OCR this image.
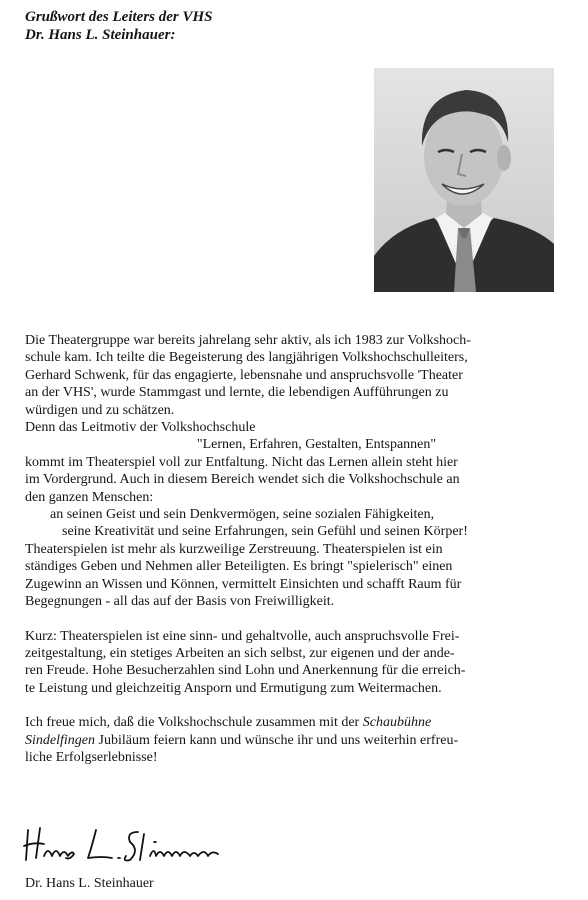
Grußwort des Leiters der VHS
Dr. Hans L. Steinhauer:
Die Theatergruppe war bereits jahrelang sehr aktiv, als ich 1983 zur Volkshoch-
schule kam. Ich teilte die Begeisterung des langjährigen Volkshochschulleiters,
Gerhard Schwenk, für das engagierte, lebensnahe und anspruchsvolle 'Theater
an der VHS', wurde Stammgast und lernte, die lebendigen Aufführungen zu
würdigen und zu schätzen.
Denn das Leitmotiv der Volkshochschule
"Lernen, Erfahren, Gestalten, Entspannen"
kommt im Theaterspiel voll zur Entfaltung. Nicht das Lernen allein steht hier
im Vordergrund. Auch in diesem Bereich wendet sich die Volkshochschule an
den ganzen Menschen:
an seinen Geist und sein Denkvermögen, seine sozialen Fähigkeiten,
seine Kreativität und seine Erfahrungen, sein Gefühl und seinen Körper!
Theaterspielen ist mehr als kurzweilige Zerstreuung. Theaterspielen ist ein
ständiges Geben und Nehmen aller Beteiligten. Es bringt "spielerisch" einen
Zugewinn an Wissen und Können, vermittelt Einsichten und schafft Raum für
Begegnungen - all das auf der Basis von Freiwilligkeit.
Kurz: Theaterspielen ist eine sinn- und gehaltvolle, auch anspruchsvolle Frei-
zeitgestaltung, ein stetiges Arbeiten an sich selbst, zur eigenen und der ande-
ren Freude. Hohe Besucherzahlen sind Lohn und Anerkennung für die erreich-
te Leistung und gleichzeitig Ansporn und Ermutigung zum Weitermachen.
Ich freue mich, daß die Volkshochschule zusammen mit der Schaubühne
Sindelfingen Jubiläum feiern kann und wünsche ihr und uns weiterhin erfreu-
liche Erfolgserlebnisse!
Dr. Hans L. Steinhauer
